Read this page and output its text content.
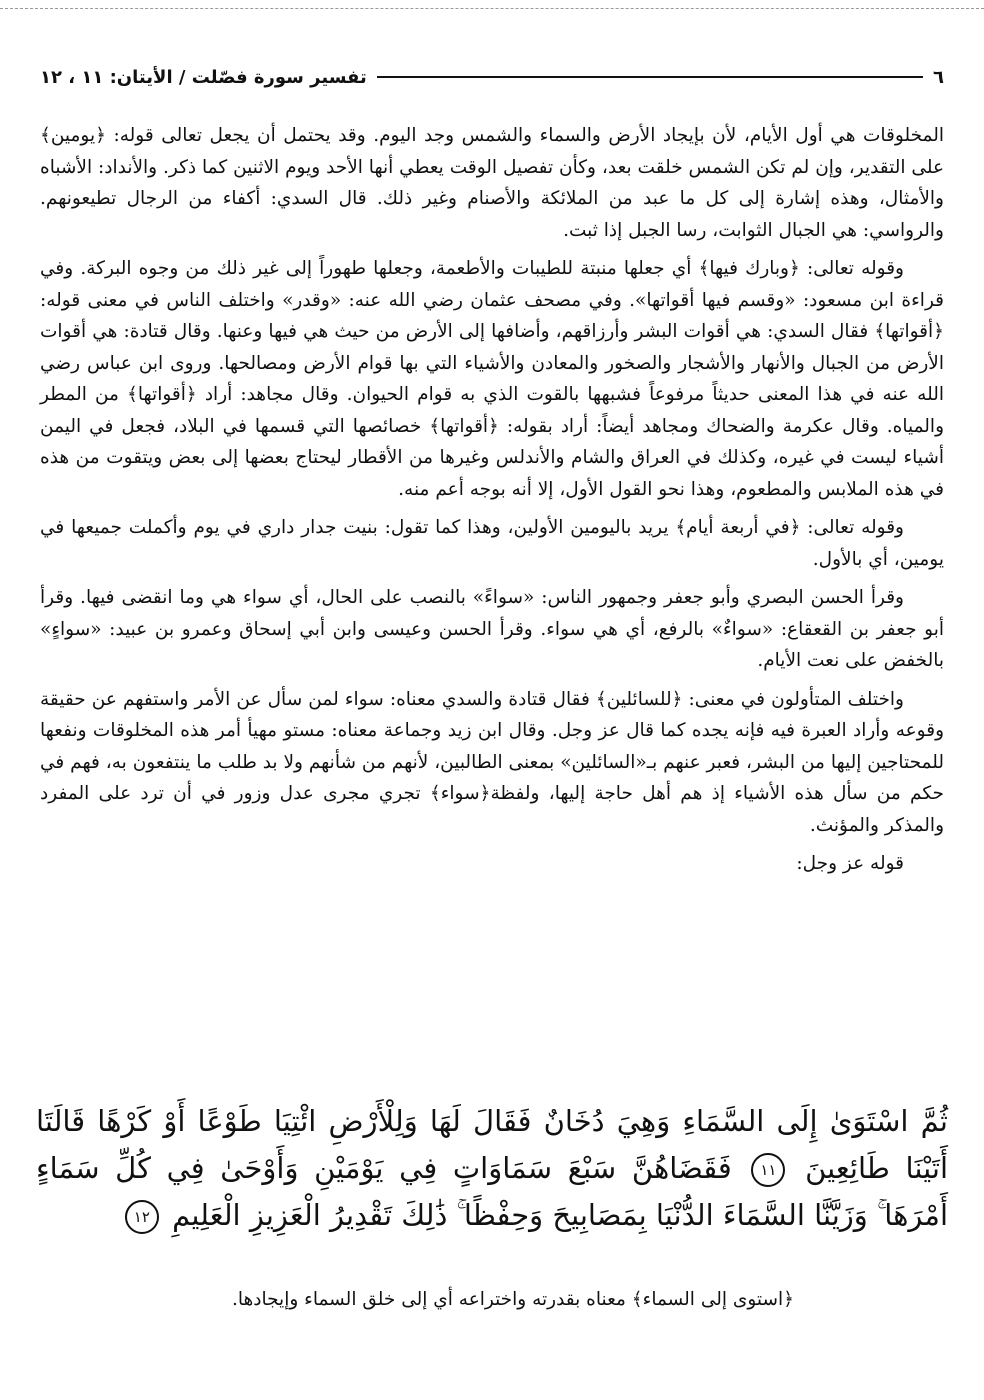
٦
تفسير سورة فصّلت / الأيتان: ١١ ، ١٢

المخلوقات هي أول الأيام، لأن بإيجاد الأرض والسماء والشمس وجد اليوم. وقد يحتمل أن يجعل تعالى قوله: ﴿يومين﴾ على التقدير، وإن لم تكن الشمس خلقت بعد، وكأن تفصيل الوقت يعطي أنها الأحد ويوم الاثنين كما ذكر. والأنداد: الأشباه والأمثال، وهذه إشارة إلى كل ما عبد من الملائكة والأصنام وغير ذلك. قال السدي: أكفاء من الرجال تطيعونهم. والرواسي: هي الجبال الثوابت، رسا الجبل إذا ثبت.

وقوله تعالى: ﴿وبارك فيها﴾ أي جعلها منبتة للطيبات والأطعمة، وجعلها طهوراً إلى غير ذلك من وجوه البركة. وفي قراءة ابن مسعود: «وقسم فيها أقواتها». وفي مصحف عثمان رضي الله عنه: «وقدر» واختلف الناس في معنى قوله: ﴿أقواتها﴾ فقال السدي: هي أقوات البشر وأرزاقهم، وأضافها إلى الأرض من حيث هي فيها وعنها. وقال قتادة: هي أقوات الأرض من الجبال والأنهار والأشجار والصخور والمعادن والأشياء التي بها قوام الأرض ومصالحها. وروى ابن عباس رضي الله عنه في هذا المعنى حديثاً مرفوعاً فشبهها بالقوت الذي به قوام الحيوان. وقال مجاهد: أراد ﴿أقواتها﴾ من المطر والمياه. وقال عكرمة والضحاك ومجاهد أيضاً: أراد بقوله: ﴿أقواتها﴾ خصائصها التي قسمها في البلاد، فجعل في اليمن أشياء ليست في غيره، وكذلك في العراق والشام والأندلس وغيرها من الأقطار ليحتاج بعضها إلى بعض ويتقوت من هذه في هذه الملابس والمطعوم، وهذا نحو القول الأول، إلا أنه بوجه أعم منه.

وقوله تعالى: ﴿في أربعة أيام﴾ يريد باليومين الأولين، وهذا كما تقول: بنيت جدار داري في يوم وأكملت جميعها في يومين، أي بالأول.

وقرأ الحسن البصري وأبو جعفر وجمهور الناس: «سواءً» بالنصب على الحال، أي سواء هي وما انقضى فيها. وقرأ أبو جعفر بن القعقاع: «سواءٌ» بالرفع، أي هي سواء. وقرأ الحسن وعيسى وابن أبي إسحاق وعمرو بن عبيد: «سواءٍ» بالخفض على نعت الأيام.

واختلف المتأولون في معنى: ﴿للسائلين﴾ فقال قتادة والسدي معناه: سواء لمن سأل عن الأمر واستفهم عن حقيقة وقوعه وأراد العبرة فيه فإنه يجده كما قال عز وجل. وقال ابن زيد وجماعة معناه: مستو مهيأ أمر هذه المخلوقات ونفعها للمحتاجين إليها من البشر، فعبر عنهم بـ«السائلين» بمعنى الطالبين، لأنهم من شأنهم ولا بد طلب ما ينتفعون به، فهم في حكم من سأل هذه الأشياء إذ هم أهل حاجة إليها، ولفظة﴿سواء﴾ تجري مجرى عدل وزور في أن ترد على المفرد والمذكر والمؤنث.

قوله عز وجل:

ثُمَّ اسْتَوَىٰ إِلَى السَّمَاءِ وَهِيَ دُخَانٌ فَقَالَ لَهَا وَلِلْأَرْضِ ائْتِيَا طَوْعًا أَوْ كَرْهًا قَالَتَا أَتَيْنَا طَائِعِينَ ١١ فَقَضَاهُنَّ سَبْعَ سَمَاوَاتٍ فِي يَوْمَيْنِ وَأَوْحَىٰ فِي كُلِّ سَمَاءٍ أَمْرَهَا ۚ وَزَيَّنَّا السَّمَاءَ الدُّنْيَا بِمَصَابِيحَ وَحِفْظًا ۚ ذَٰلِكَ تَقْدِيرُ الْعَزِيزِ الْعَلِيمِ ١٢
﴿استوى إلى السماء﴾ معناه بقدرته واختراعه أي إلى خلق السماء وإيجادها.
